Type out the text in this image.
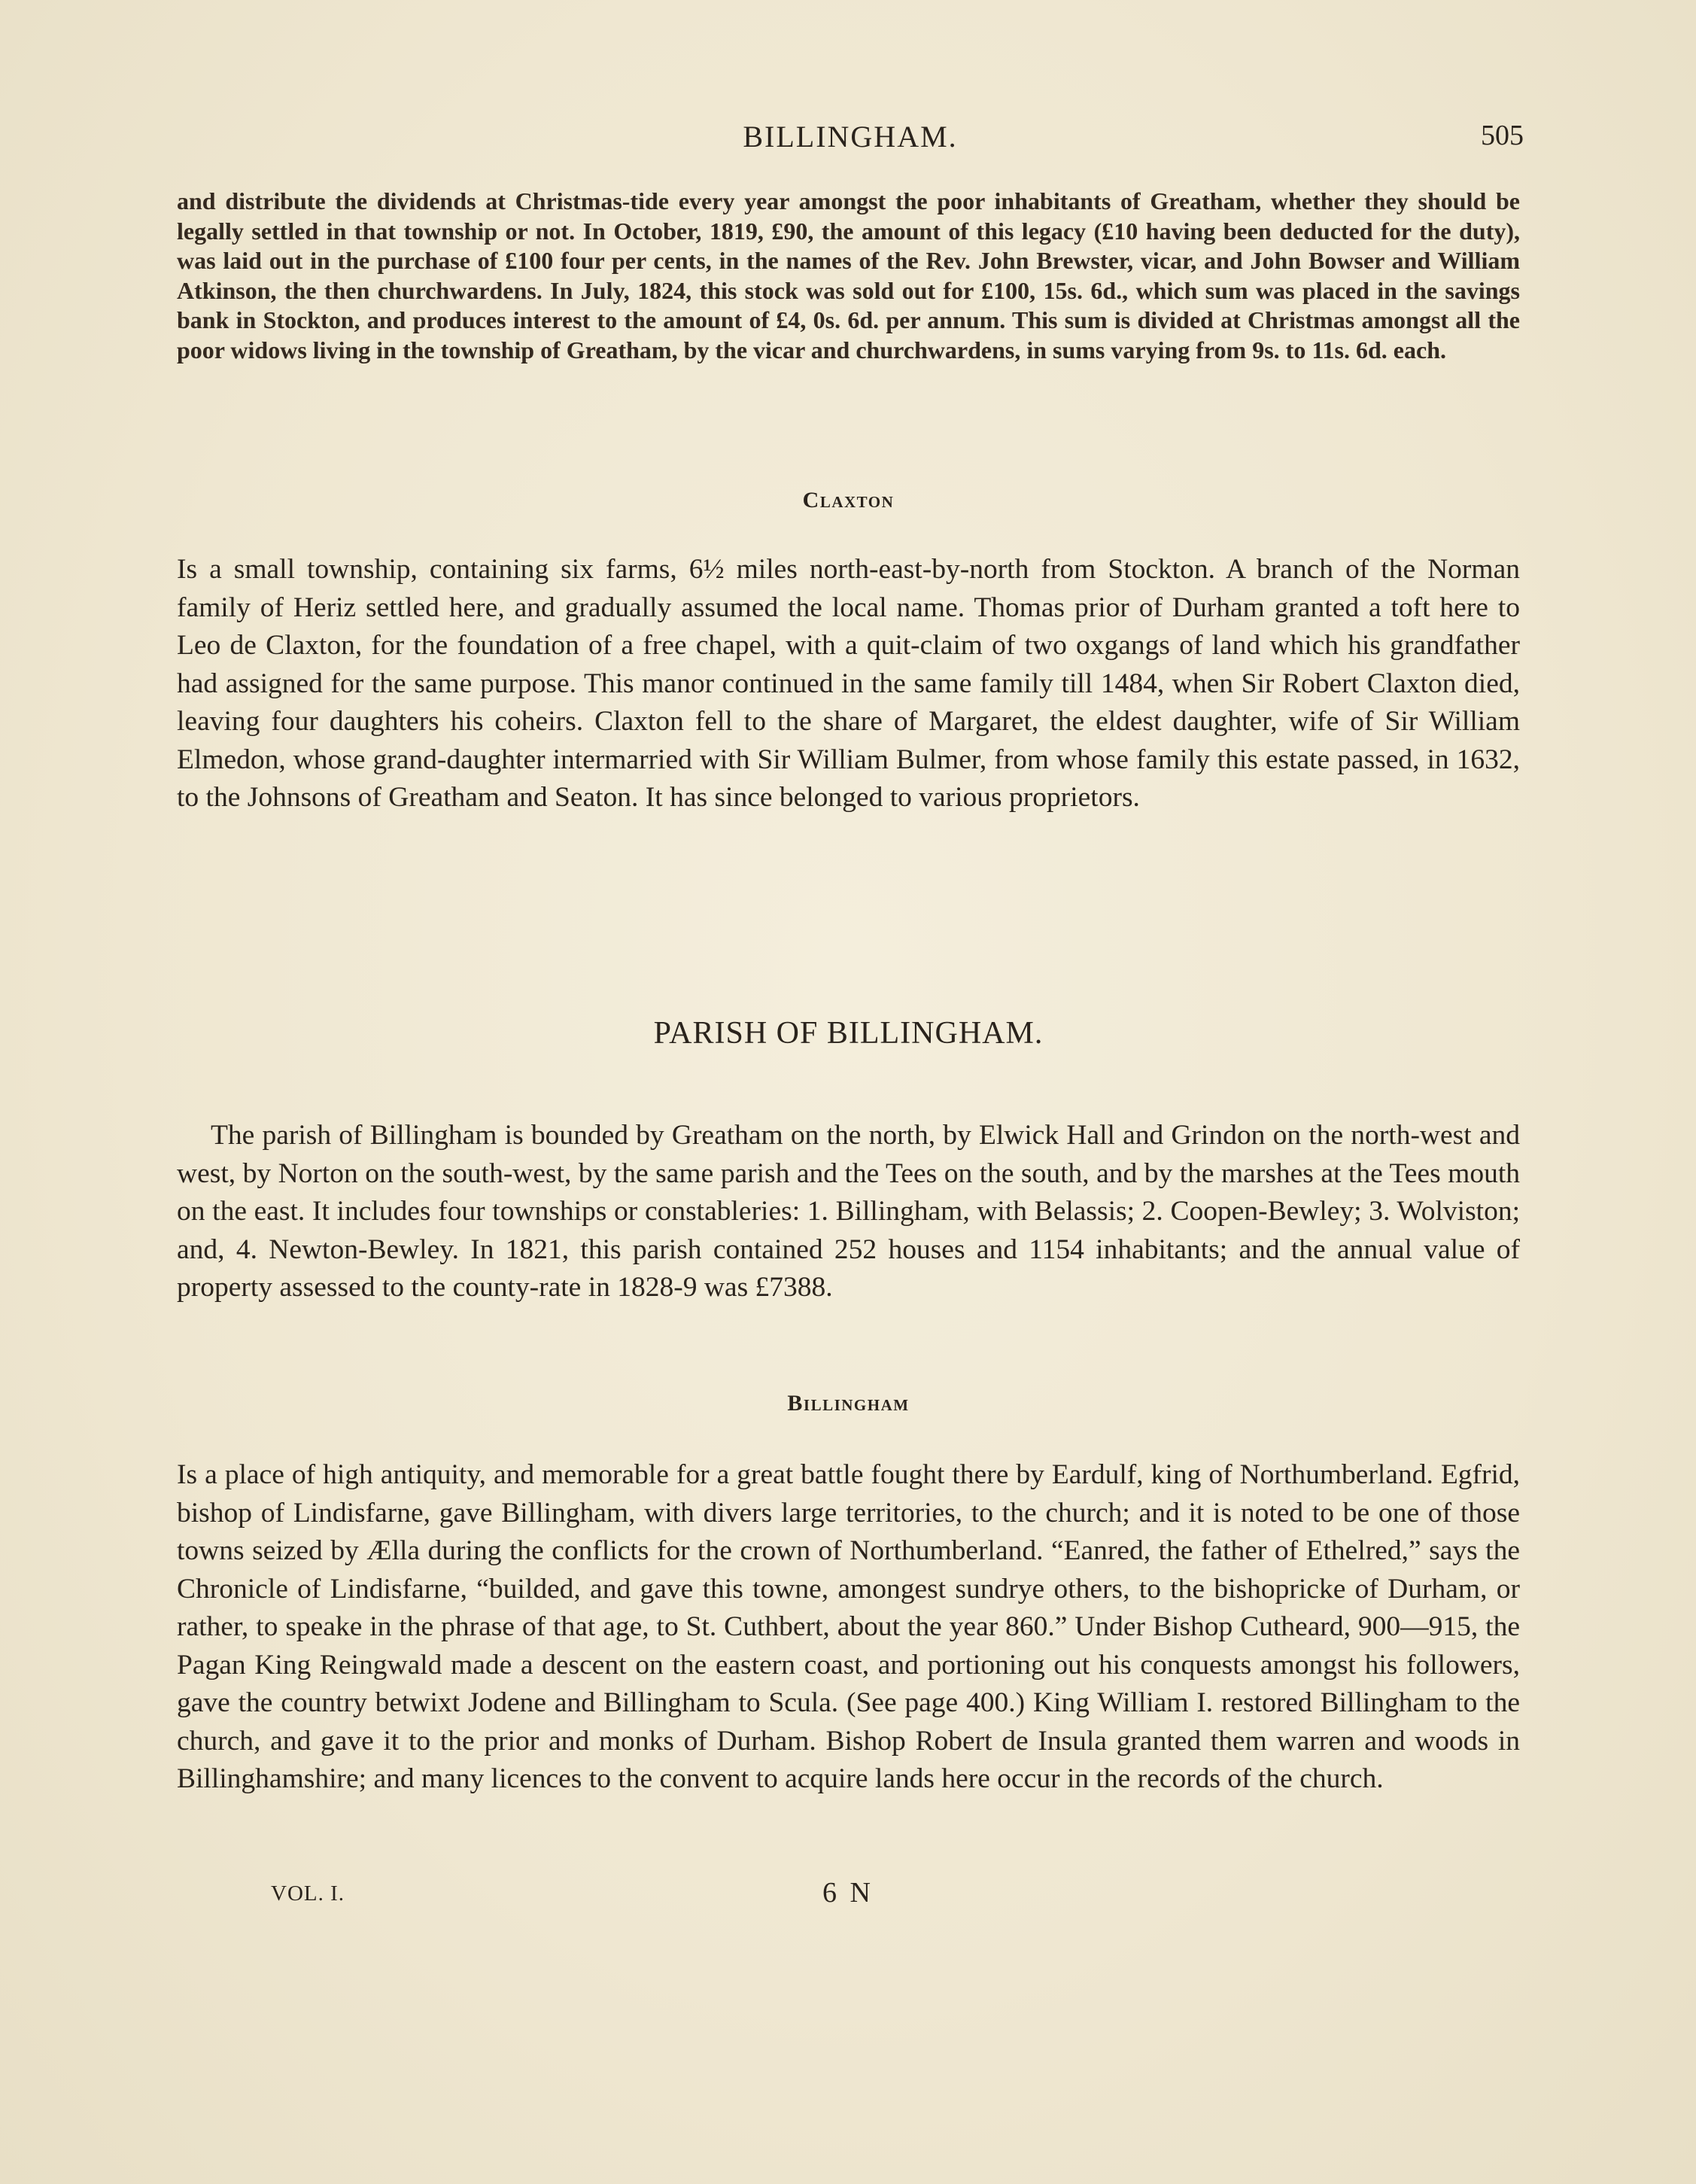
BILLINGHAM.	505

and distribute the dividends at Christmas-tide every year amongst the poor inhabitants of Greatham, whether they should be legally settled in that township or not. In October, 1819, £90, the amount of this legacy (£10 having been deducted for the duty), was laid out in the purchase of £100 four per cents, in the names of the Rev. John Brewster, vicar, and John Bowser and William Atkinson, the then churchwardens. In July, 1824, this stock was sold out for £100, 15s. 6d., which sum was placed in the savings bank in Stockton, and produces interest to the amount of £4, 0s. 6d. per annum. This sum is divided at Christmas amongst all the poor widows living in the township of Greatham, by the vicar and churchwardens, in sums varying from 9s. to 11s. 6d. each.

Claxton

Is a small township, containing six farms, 6½ miles north-east-by-north from Stockton. A branch of the Norman family of Heriz settled here, and gradually assumed the local name. Thomas prior of Durham granted a toft here to Leo de Claxton, for the foundation of a free chapel, with a quit-claim of two oxgangs of land which his grandfather had assigned for the same purpose. This manor continued in the same family till 1484, when Sir Robert Claxton died, leaving four daughters his coheirs. Claxton fell to the share of Margaret, the eldest daughter, wife of Sir William Elmedon, whose grand-daughter intermarried with Sir William Bulmer, from whose family this estate passed, in 1632, to the Johnsons of Greatham and Seaton. It has since belonged to various proprietors.

PARISH OF BILLINGHAM.

The parish of Billingham is bounded by Greatham on the north, by Elwick Hall and Grindon on the north-west and west, by Norton on the south-west, by the same parish and the Tees on the south, and by the marshes at the Tees mouth on the east. It includes four townships or constableries: 1. Billingham, with Belassis; 2. Coopen-Bewley; 3. Wolviston; and, 4. Newton-Bewley. In 1821, this parish contained 252 houses and 1154 inhabitants; and the annual value of property assessed to the county-rate in 1828-9 was £7388.

Billingham

Is a place of high antiquity, and memorable for a great battle fought there by Eardulf, king of Northumberland. Egfrid, bishop of Lindisfarne, gave Billingham, with divers large territories, to the church; and it is noted to be one of those towns seized by Ælla during the conflicts for the crown of Northumberland. “Eanred, the father of Ethelred,” says the Chronicle of Lindisfarne, “builded, and gave this towne, amongest sundrye others, to the bishopricke of Durham, or rather, to speake in the phrase of that age, to St. Cuthbert, about the year 860.” Under Bishop Cutheard, 900—915, the Pagan King Reingwald made a descent on the eastern coast, and portioning out his conquests amongst his followers, gave the country betwixt Jodene and Billingham to Scula. (See page 400.) King William I. restored Billingham to the church, and gave it to the prior and monks of Durham. Bishop Robert de Insula granted them warren and woods in Billinghamshire; and many licences to the convent to acquire lands here occur in the records of the church.

VOL. I.	6 N
